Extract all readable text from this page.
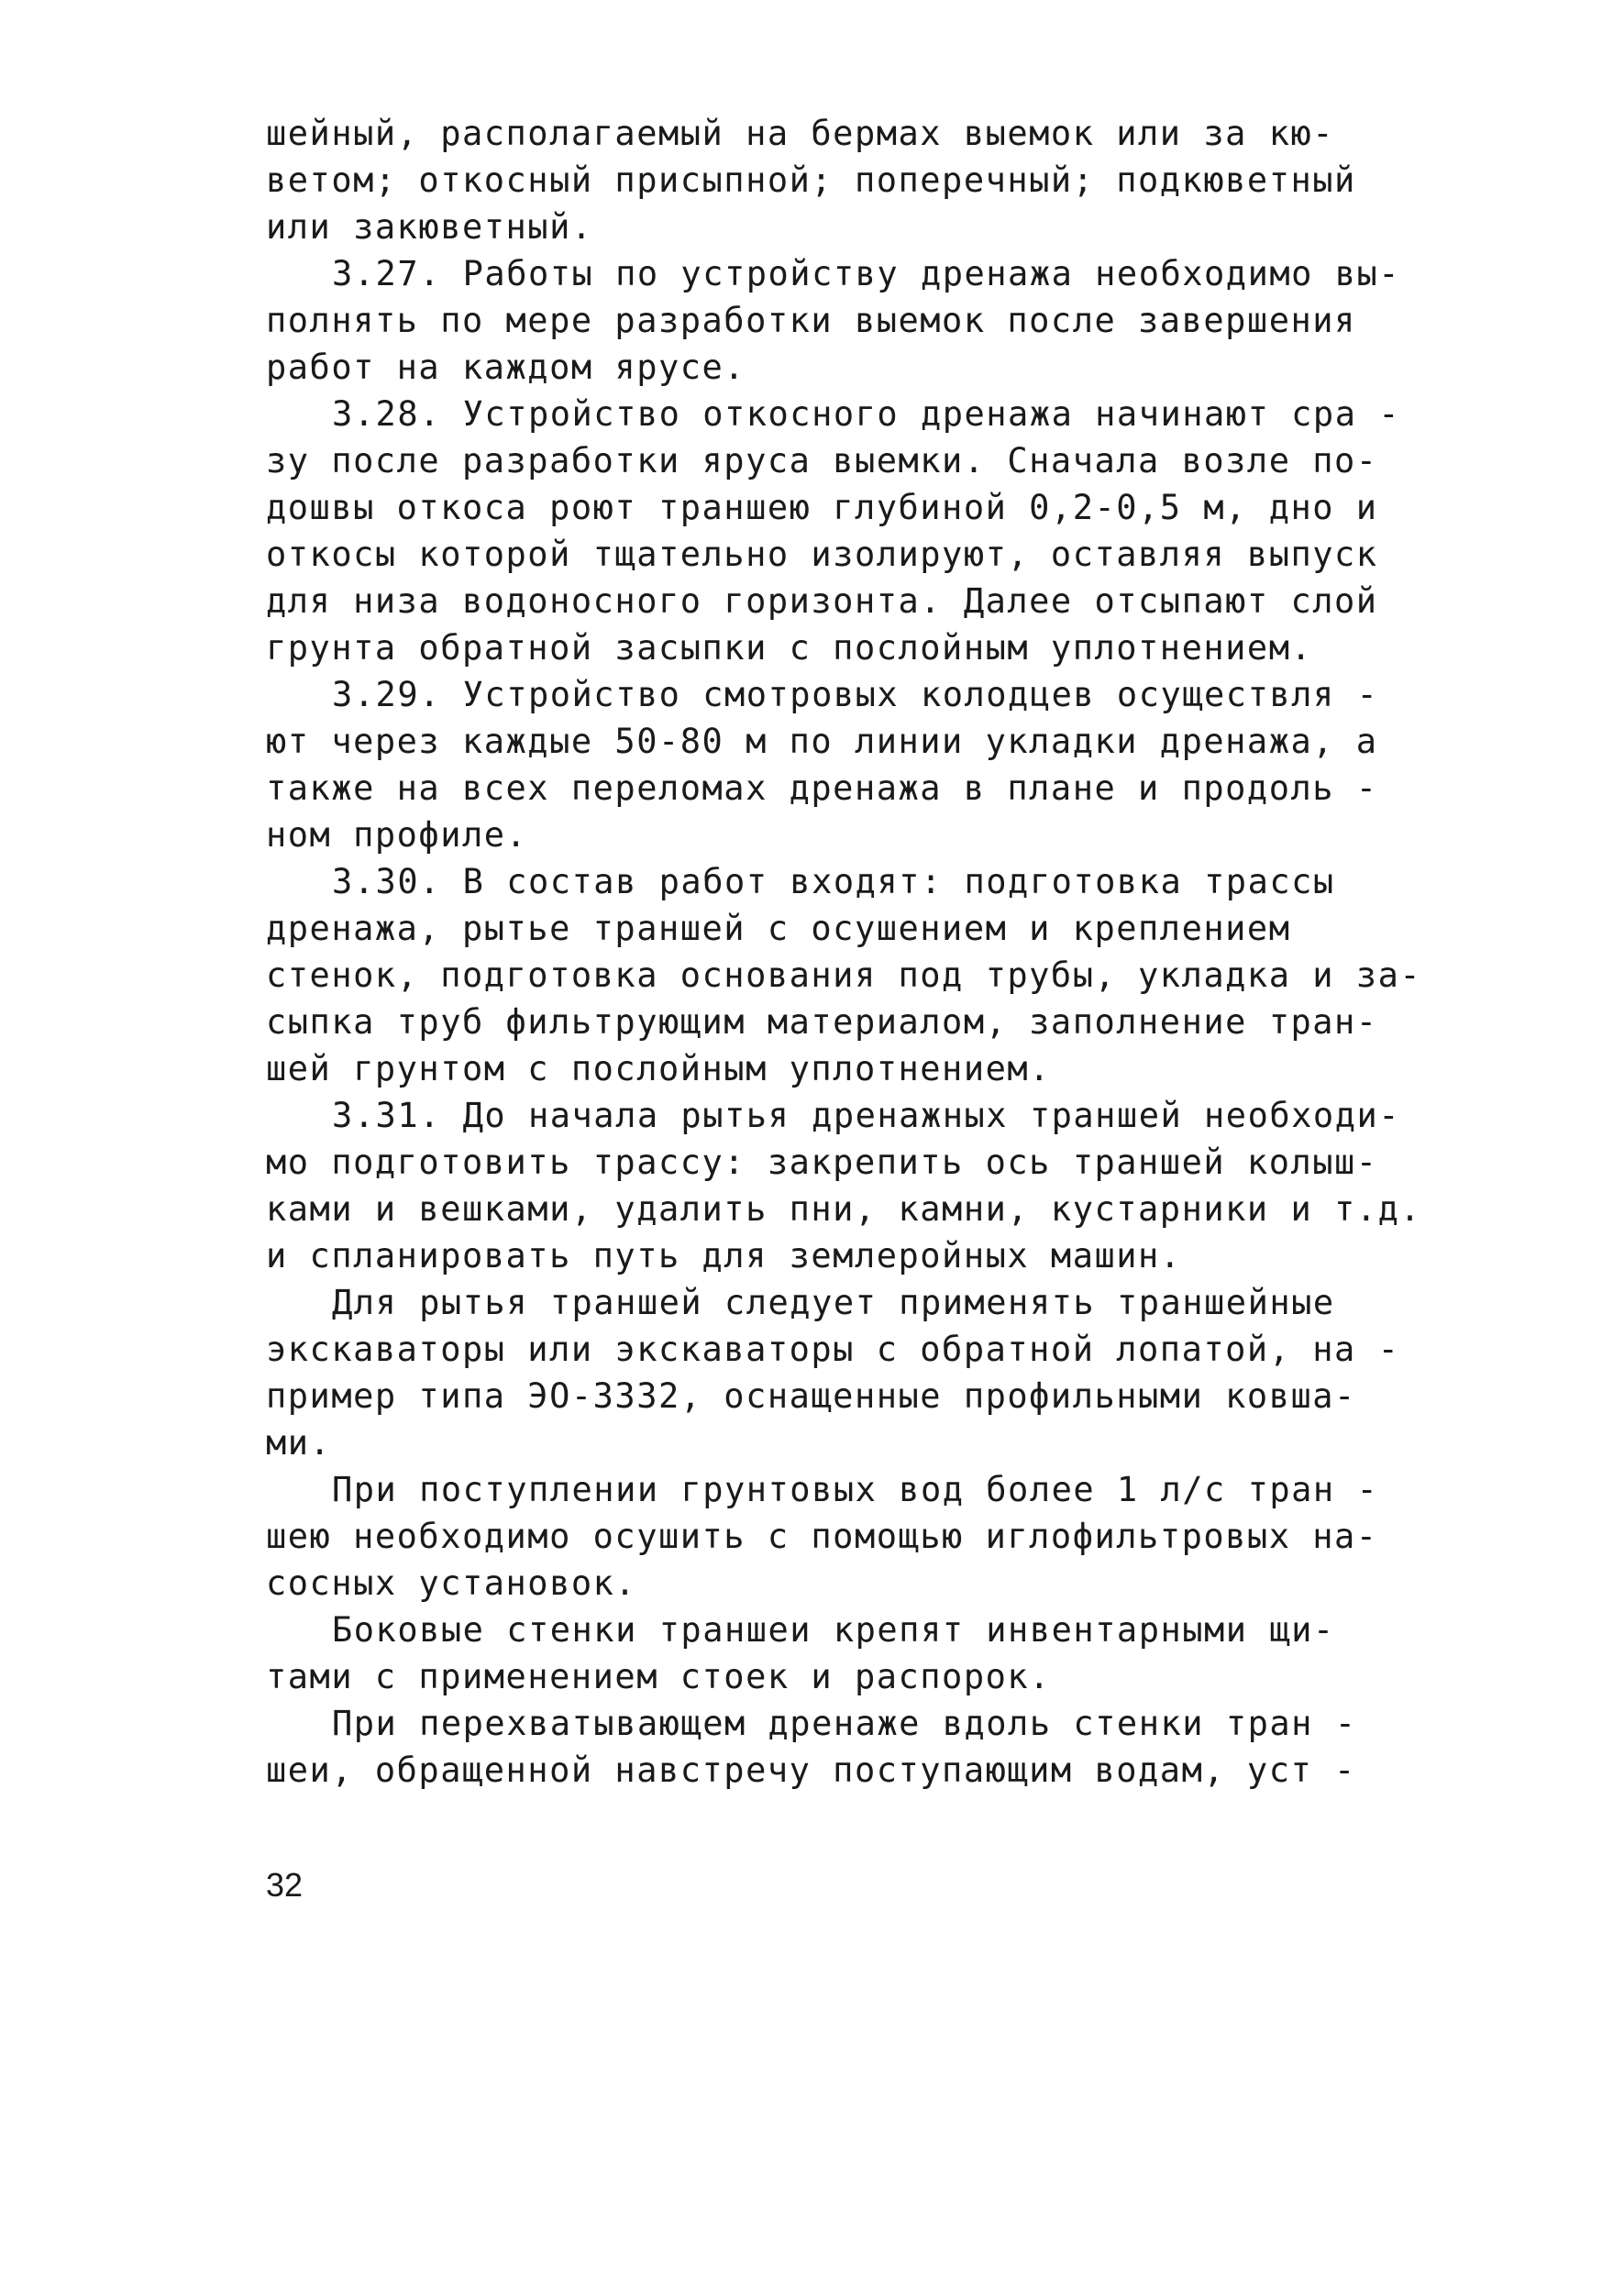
шейный, располагаемый на бермах выемок или за кю-
ветом; откосный присыпной; поперечный; подкюветный
или закюветный.
3.27. Работы по устройству дренажа необходимо вы-
полнять по мере разработки выемок после завершения
работ на каждом ярусе.
3.28. Устройство откосного дренажа начинают сра -
зу после разработки яруса выемки. Сначала возле по-
дошвы откоса роют траншею глубиной 0,2-0,5 м, дно и
откосы которой тщательно изолируют, оставляя выпуск
для низа водоносного горизонта. Далее отсыпают слой
грунта обратной засыпки с послойным уплотнением.
3.29. Устройство смотровых колодцев осуществля -
ют через каждые 50-80 м по линии укладки дренажа, а
также на всех переломах дренажа в плане и продоль -
ном профиле.
3.30. В состав работ входят: подготовка трассы
дренажа, рытье траншей с осушением и креплением
стенок, подготовка основания под трубы, укладка и за-
сыпка труб фильтрующим материалом, заполнение тран-
шей грунтом с послойным уплотнением.
3.31. До начала рытья дренажных траншей необходи-
мо подготовить трассу: закрепить ось траншей колыш-
ками и вешками, удалить пни, камни, кустарники и т.д.
и спланировать путь для землеройных машин.
Для рытья траншей следует применять траншейные
экскаваторы или экскаваторы с обратной лопатой, на -
пример типа ЭО-3332, оснащенные профильными ковша-
ми.
При поступлении грунтовых вод более 1 л/с тран -
шею необходимо осушить с помощью иглофильтровых на-
сосных установок.
Боковые стенки траншеи крепят инвентарными щи-
тами с применением стоек и распорок.
При перехватывающем дренаже вдоль стенки тран -
шеи, обращенной навстречу поступающим водам, уст -
32
